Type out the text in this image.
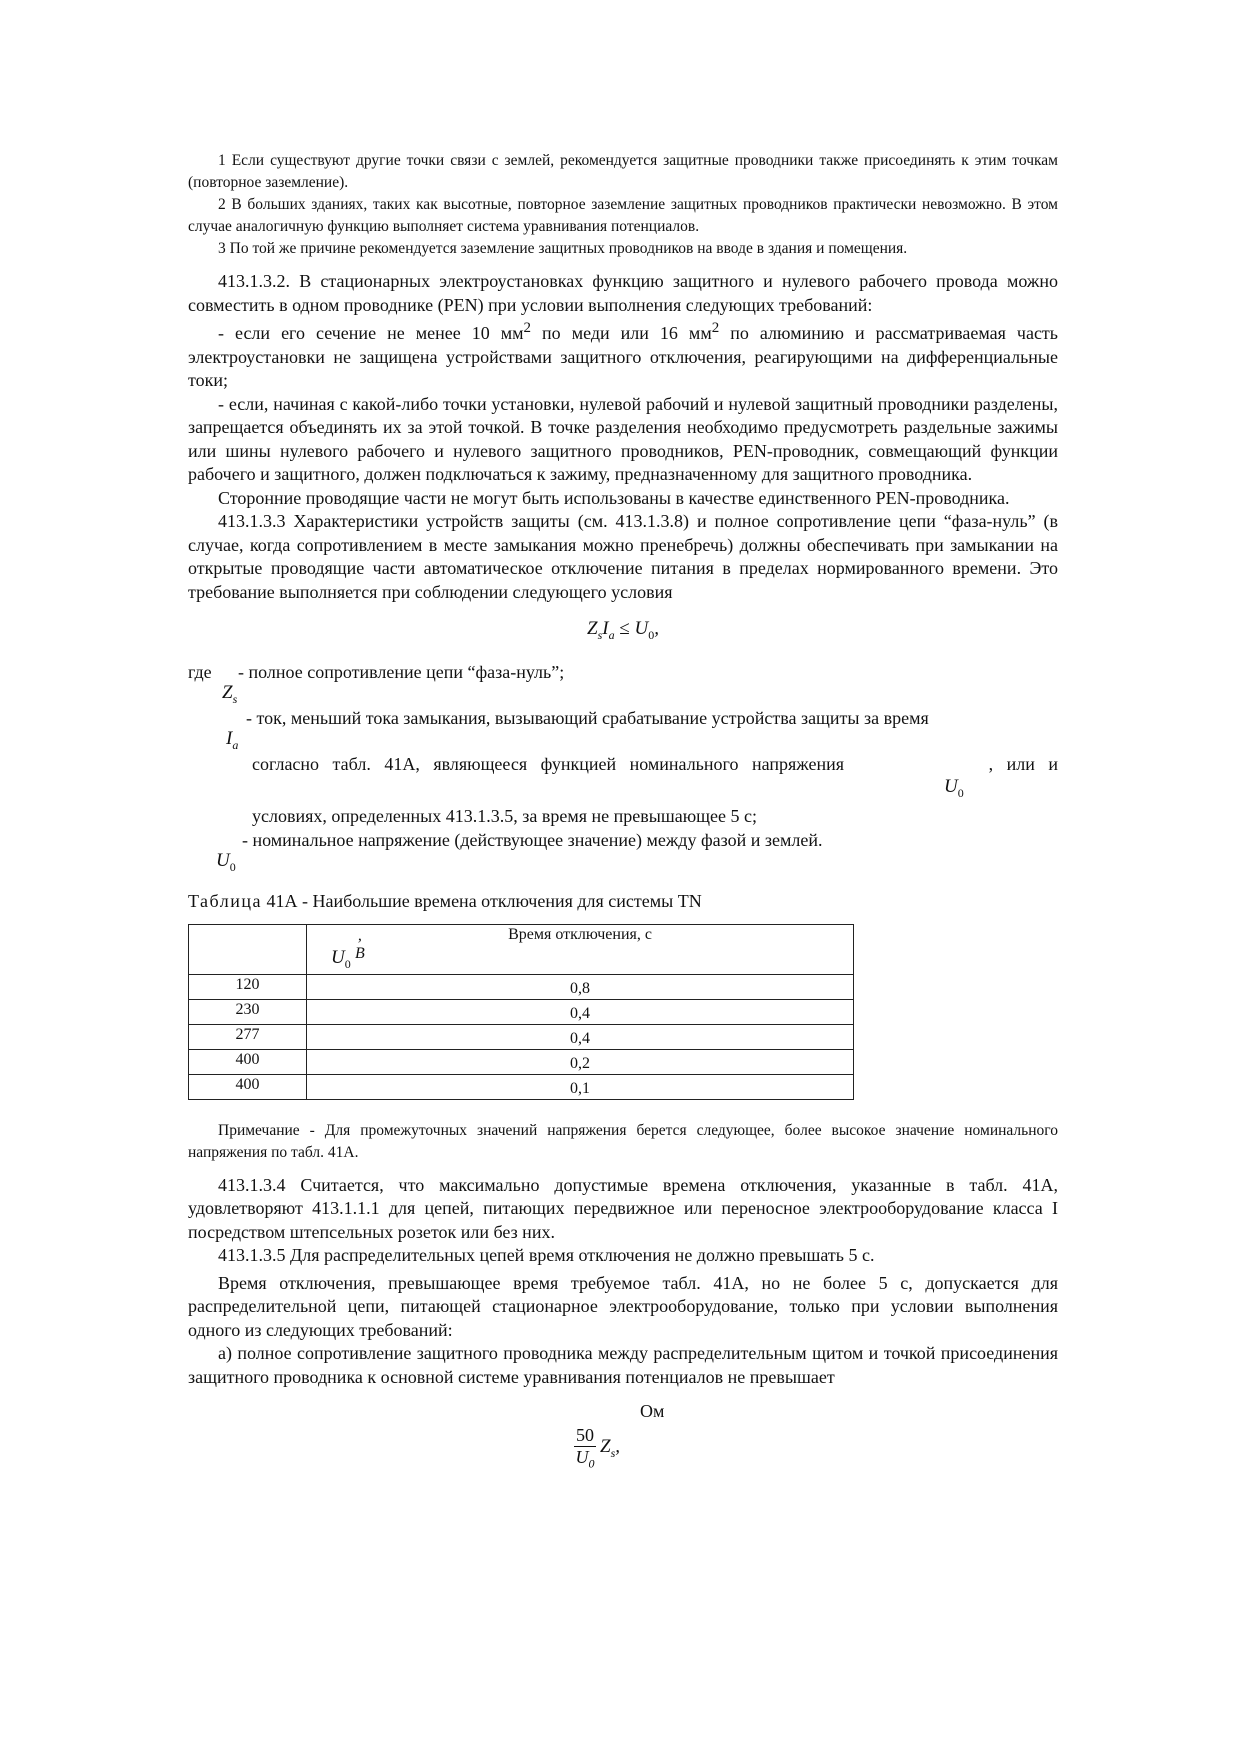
1 Если существуют другие точки связи с землей, рекомендуется защитные проводники также присоединять к этим точкам (повторное заземление).

2 В больших зданиях, таких как высотные, повторное заземление защитных проводников практически невозможно. В этом случае аналогичную функцию выполняет система уравнивания потенциалов.

3 По той же причине рекомендуется заземление защитных проводников на вводе в здания и помещения.

413.1.3.2. В стационарных электроустановках функцию защитного и нулевого рабочего провода можно совместить в одном проводнике (PEN) при условии выполнения следующих требований:

- если его сечение не менее 10 $мм^2$ по меди или 16 $мм^2$ по алюминию и рассматриваемая часть электроустановки не защищена устройствами защитного отключения, реагирующими на дифференциальные токи;

- если, начиная с какой-либо точки установки, нулевой рабочий и нулевой защитный проводники разделены, запрещается объединять их за этой точкой. В точке разделения необходимо предусмотреть раздельные зажимы или шины нулевого рабочего и нулевого защитного проводников, PEN-проводник, совмещающий функции рабочего и защитного, должен подключаться к зажиму, предназначенному для защитного проводника.

Сторонние проводящие части не могут быть использованы в качестве единственного PEN-проводника.

413.1.3.3 Характеристики устройств защиты (см. 413.1.3.8) и полное сопротивление цепи “фаза-нуль” (в случае, когда сопротивлением в месте замыкания можно пренебречь) должны обеспечивать при замыкании на открытые проводящие части автоматическое отключение питания в пределах нормированного времени. Это требование выполняется при соблюдении следующего условия

$Z_sI_a \le U_0$,
где - полное сопротивление цепи “фаза-нуль”;
$Z_s$
- ток, меньший тока замыкания, вызывающий срабатывание устройства защиты за время
$I_a$
согласно табл. 41А, являющееся функцией номинального напряжения	, или и
$U_0$
условиях, определенных 413.1.3.5, за время не превышающее 5 с;
- номинальное напряжение (действующее значение) между фазой и землей.
$U_0$
Таблица 41А - Наибольшие времена отключения для системы TN
, В
$U_0$	Время отключения, с
120	0,8
230	0,4
277	0,4
400	0,2
400	0,1

Примечание - Для промежуточных значений напряжения берется следующее, более высокое значение номинального напряжения по табл. 41А.

413.1.3.4 Считается, что максимально допустимые времена отключения, указанные в табл. 41А, удовлетворяют 413.1.1.1 для цепей, питающих передвижное или переносное электрооборудование класса I посредством штепсельных розеток или без них.

413.1.3.5 Для распределительных цепей время отключения не должно превышать 5 с.

Время отключения, превышающее время требуемое табл. 41А, но не более 5 с, допускается для распределительной цепи, питающей стационарное электрооборудование, только при условии выполнения одного из следующих требований:

а) полное сопротивление защитного проводника между распределительным щитом и точкой присоединения защитного проводника к основной системе уравнивания потенциалов не превышает

Ом
$\frac{50}{U_0} Z_s$,
